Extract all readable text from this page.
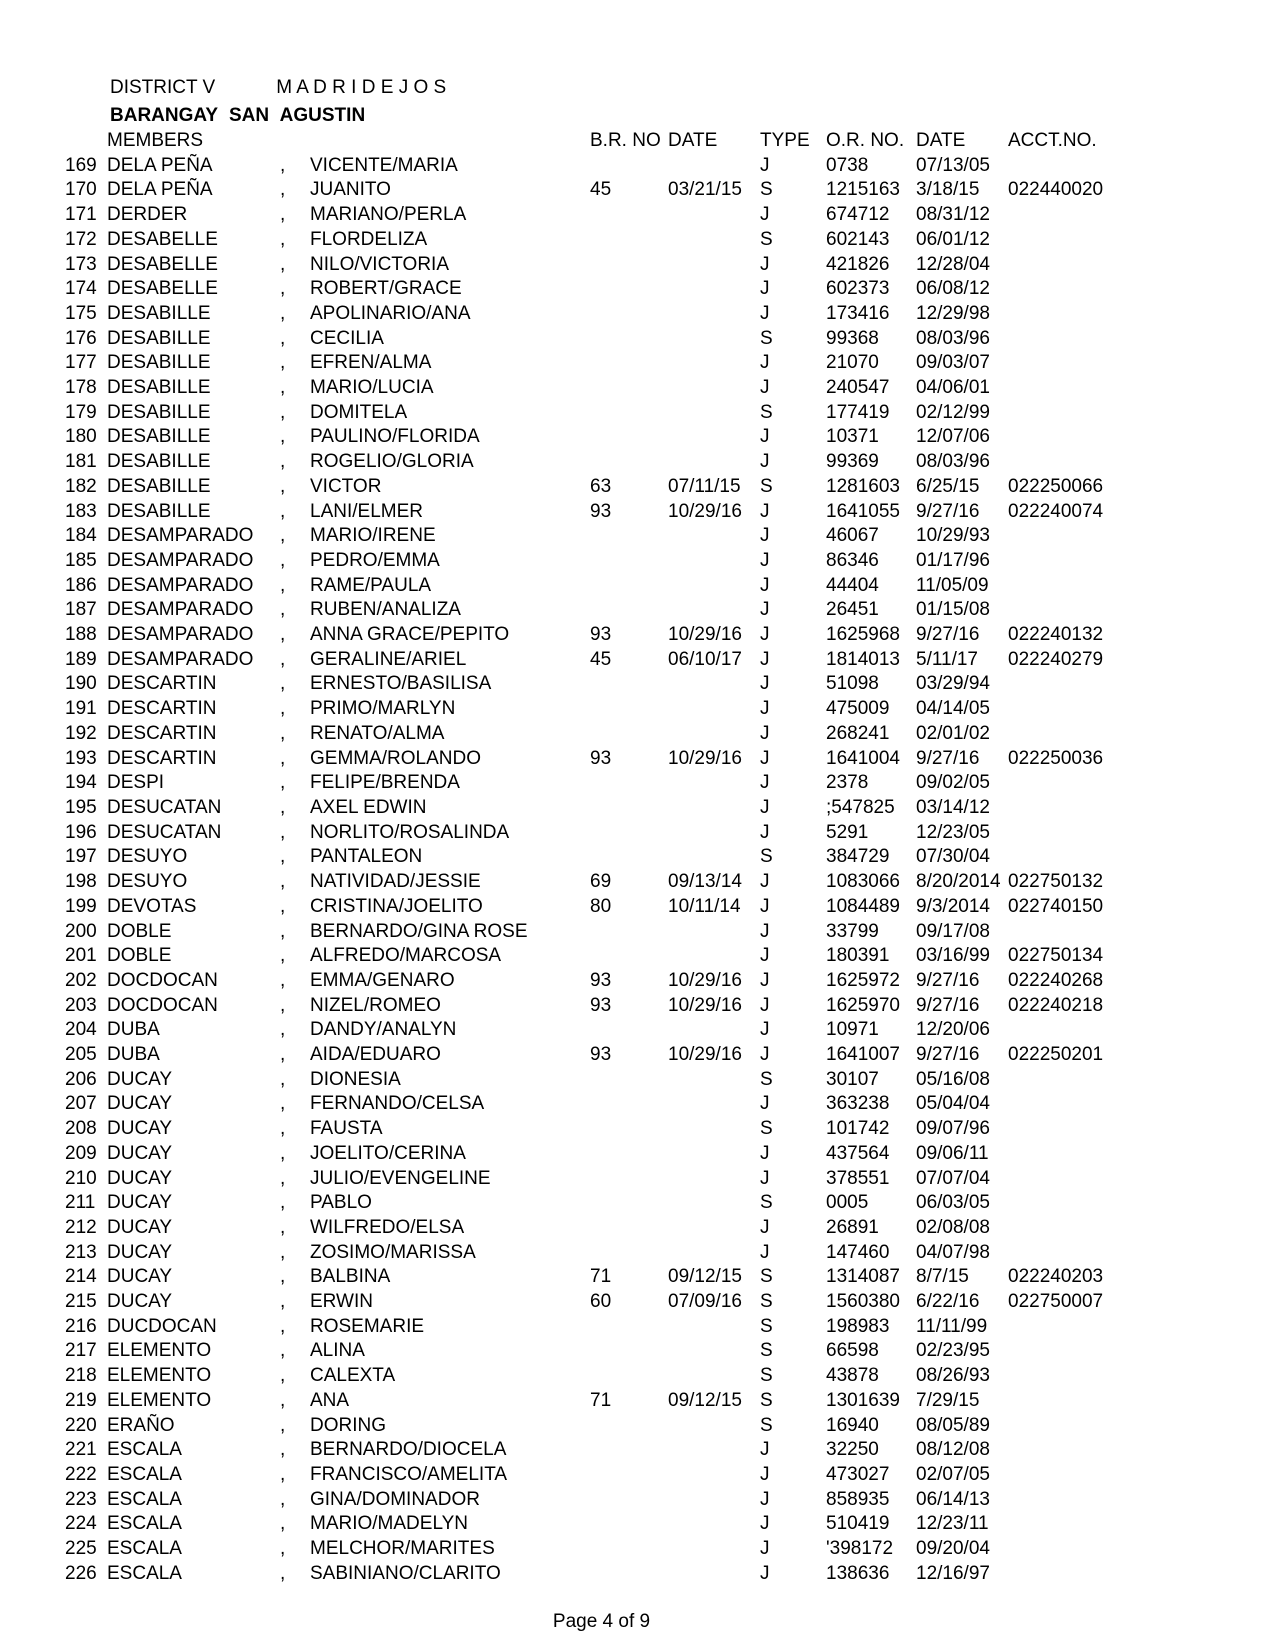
DISTRICT V	M A D R I D E J O S
BARANGAY SAN AGUSTIN
	MEMBERS			B.R. NO	DATE	TYPE	O.R. NO.	DATE	ACCT.NO.
169	DELA PEÑA	,	VICENTE/MARIA			J	0738	07/13/05	
170	DELA PEÑA	,	JUANITO	45	03/21/15	S	1215163	3/18/15	022440020
171	DERDER	,	MARIANO/PERLA			J	674712	08/31/12	
172	DESABELLE	,	FLORDELIZA			S	602143	06/01/12	
173	DESABELLE	,	NILO/VICTORIA			J	421826	12/28/04	
174	DESABELLE	,	ROBERT/GRACE			J	602373	06/08/12	
175	DESABILLE	,	APOLINARIO/ANA			J	173416	12/29/98	
176	DESABILLE	,	CECILIA			S	99368	08/03/96	
177	DESABILLE	,	EFREN/ALMA			J	21070	09/03/07	
178	DESABILLE	,	MARIO/LUCIA			J	240547	04/06/01	
179	DESABILLE	,	DOMITELA			S	177419	02/12/99	
180	DESABILLE	,	PAULINO/FLORIDA			J	10371	12/07/06	
181	DESABILLE	,	ROGELIO/GLORIA			J	99369	08/03/96	
182	DESABILLE	,	VICTOR	63	07/11/15	S	1281603	6/25/15	022250066
183	DESABILLE	,	LANI/ELMER	93	10/29/16	J	1641055	9/27/16	022240074
184	DESAMPARADO	,	MARIO/IRENE			J	46067	10/29/93	
185	DESAMPARADO	,	PEDRO/EMMA			J	86346	01/17/96	
186	DESAMPARADO	,	RAME/PAULA			J	44404	11/05/09	
187	DESAMPARADO	,	RUBEN/ANALIZA			J	26451	01/15/08	
188	DESAMPARADO	,	ANNA GRACE/PEPITO	93	10/29/16	J	1625968	9/27/16	022240132
189	DESAMPARADO	,	GERALINE/ARIEL	45	06/10/17	J	1814013	5/11/17	022240279
190	DESCARTIN	,	ERNESTO/BASILISA			J	51098	03/29/94	
191	DESCARTIN	,	PRIMO/MARLYN			J	475009	04/14/05	
192	DESCARTIN	,	RENATO/ALMA			J	268241	02/01/02	
193	DESCARTIN	,	GEMMA/ROLANDO	93	10/29/16	J	1641004	9/27/16	022250036
194	DESPI	,	FELIPE/BRENDA			J	2378	09/02/05	
195	DESUCATAN	,	AXEL EDWIN			J	;547825	03/14/12	
196	DESUCATAN	,	NORLITO/ROSALINDA			J	5291	12/23/05	
197	DESUYO	,	PANTALEON			S	384729	07/30/04	
198	DESUYO	,	NATIVIDAD/JESSIE	69	09/13/14	J	1083066	8/20/2014	022750132
199	DEVOTAS	,	CRISTINA/JOELITO	80	10/11/14	J	1084489	9/3/2014	022740150
200	DOBLE	,	BERNARDO/GINA ROSE			J	33799	09/17/08	
201	DOBLE	,	ALFREDO/MARCOSA			J	180391	03/16/99	022750134
202	DOCDOCAN	,	EMMA/GENARO	93	10/29/16	J	1625972	9/27/16	022240268
203	DOCDOCAN	,	NIZEL/ROMEO	93	10/29/16	J	1625970	9/27/16	022240218
204	DUBA	,	DANDY/ANALYN			J	10971	12/20/06	
205	DUBA	,	AIDA/EDUARO	93	10/29/16	J	1641007	9/27/16	022250201
206	DUCAY	,	DIONESIA			S	30107	05/16/08	
207	DUCAY	,	FERNANDO/CELSA			J	363238	05/04/04	
208	DUCAY	,	FAUSTA			S	101742	09/07/96	
209	DUCAY	,	JOELITO/CERINA			J	437564	09/06/11	
210	DUCAY	,	JULIO/EVENGELINE			J	378551	07/07/04	
211	DUCAY	,	PABLO			S	0005	06/03/05	
212	DUCAY	,	WILFREDO/ELSA			J	26891	02/08/08	
213	DUCAY	,	ZOSIMO/MARISSA			J	147460	04/07/98	
214	DUCAY	,	BALBINA	71	09/12/15	S	1314087	8/7/15	022240203
215	DUCAY	,	ERWIN	60	07/09/16	S	1560380	6/22/16	022750007
216	DUCDOCAN	,	ROSEMARIE			S	198983	11/11/99	
217	ELEMENTO	,	ALINA			S	66598	02/23/95	
218	ELEMENTO	,	CALEXTA			S	43878	08/26/93	
219	ELEMENTO	,	ANA	71	09/12/15	S	1301639	7/29/15	
220	ERAÑO	,	DORING			S	16940	08/05/89	
221	ESCALA	,	BERNARDO/DIOCELA			J	32250	08/12/08	
222	ESCALA	,	FRANCISCO/AMELITA			J	473027	02/07/05	
223	ESCALA	,	GINA/DOMINADOR			J	858935	06/14/13	
224	ESCALA	,	MARIO/MADELYN			J	510419	12/23/11	
225	ESCALA	,	MELCHOR/MARITES			J	'398172	09/20/04	
226	ESCALA	,	SABINIANO/CLARITO			J	138636	12/16/97	
Page 4 of 9
